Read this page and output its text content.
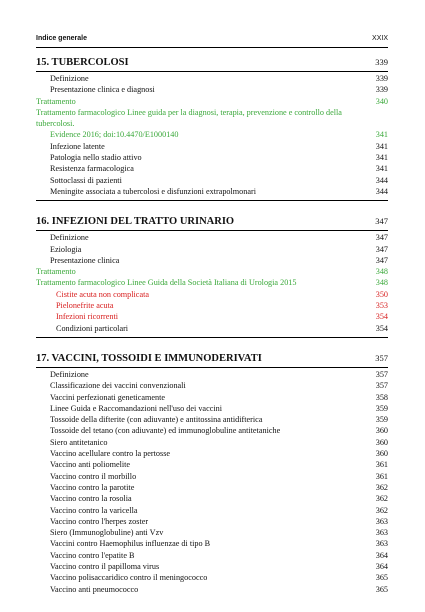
Indice generale	XXIX
15. TUBERCOLOSI	339
Definizione	339
Presentazione clinica e diagnosi	339
Trattamento	340
Trattamento farmacologico Linee guida per la diagnosi, terapia, prevenzione e controllo della tubercolosi.
Evidence 2016; doi:10.4470/E1000140	341
Infezione latente	341
Patologia nello stadio attivo	341
Resistenza farmacologica	341
Sottoclassi di pazienti	344
Meningite associata a tubercolosi e disfunzioni extrapolmonari	344
16. INFEZIONI DEL TRATTO URINARIO	347
Definizione	347
Eziologia	347
Presentazione clinica	347
Trattamento	348
Trattamento farmacologico Linee Guida della Società Italiana di Urologia 2015	348
Cistite acuta non complicata	350
Pielonefrite acuta	353
Infezioni ricorrenti	354
Condizioni particolari	354
17. VACCINI, TOSSOIDI E IMMUNODERIVATI	357
Definizione	357
Classificazione dei vaccini convenzionali	357
Vaccini perfezionati geneticamente	358
Linee Guida e Raccomandazioni nell'uso dei vaccini	359
Tossoide della difterite (con adiuvante) e antitossina antidifterica	359
Tossoide del tetano (con adiuvante) ed immunoglobuline antitetaniche	360
Siero antitetanico	360
Vaccino acellulare contro la pertosse	360
Vaccino anti poliomelite	361
Vaccino contro il morbillo	361
Vaccino contro la parotite	362
Vaccino contro la rosolia	362
Vaccino contro la varicella	362
Vaccino contro l'herpes zoster	363
Siero (Immunoglobuline) anti Vzv	363
Vaccini contro Haemophilus influenzae di tipo B	363
Vaccino contro l'epatite B	364
Vaccino contro il papilloma virus	364
Vaccino polisaccaridico contro il meningococco	365
Vaccino anti pneumococco	365
